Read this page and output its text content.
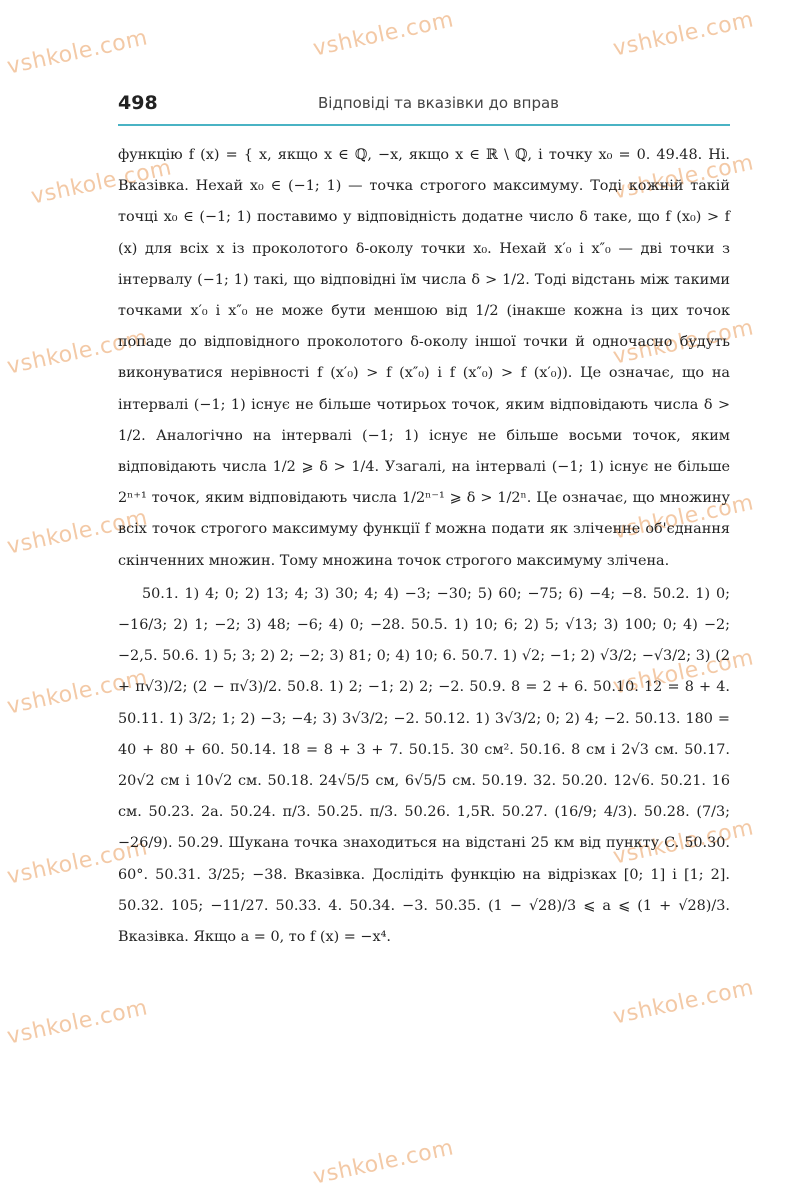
vshkole.com	vshkole.com	vshkole.com
vshkole.com	vshkole.com
vshkole.com	vshkole.com
vshkole.com	vshkole.com
vshkole.com	vshkole.com
vshkole.com	vshkole.com
vshkole.com	vshkole.com
vshkole.com
498	Відповіді та вказівки до вправ

функцію f (x) = { x, якщо x ∈ ℚ, −x, якщо x ∈ ℝ \ ℚ, і точку x₀ = 0. 49.48. Ні. Вказівка. Нехай x₀ ∈ (−1; 1) — точка строгого максимуму. Тоді кожній такій точці x₀ ∈ (−1; 1) поставимо у відповідність додатне число δ таке, що f (x₀) > f (x) для всіх x із проколотого δ-околу точки x₀. Нехай x′₀ і x″₀ — дві точки з інтервалу (−1; 1) такі, що відповідні їм числа δ > 1/2. Тоді відстань між такими точками x′₀ і x″₀ не може бути меншою від 1/2 (інакше кожна із цих точок попаде до відповідного проколотого δ-околу іншої точки й одночасно будуть виконуватися нерівності f (x′₀) > f (x″₀) і f (x″₀) > f (x′₀)). Це означає, що на інтервалі (−1; 1) існує не більше чотирьох точок, яким відповідають числа δ > 1/2. Аналогічно на інтервалі (−1; 1) існує не більше восьми точок, яким відповідають числа 1/2 ⩾ δ > 1/4. Узагалі, на інтервалі (−1; 1) існує не більше 2ⁿ⁺¹ точок, яким відповідають числа 1/2ⁿ⁻¹ ⩾ δ > 1/2ⁿ. Це означає, що множину всіх точок строгого максимуму функції f можна подати як зліченне об'єднання скінченних множин. Тому множина точок строгого максимуму злічена.

50.1. 1) 4; 0; 2) 13; 4; 3) 30; 4; 4) −3; −30; 5) 60; −75; 6) −4; −8. 50.2. 1) 0; −16/3; 2) 1; −2; 3) 48; −6; 4) 0; −28. 50.5. 1) 10; 6; 2) 5; √13; 3) 100; 0; 4) −2; −2,5. 50.6. 1) 5; 3; 2) 2; −2; 3) 81; 0; 4) 10; 6. 50.7. 1) √2; −1; 2) √3/2; −√3/2; 3) (2 + π√3)/2; (2 − π√3)/2. 50.8. 1) 2; −1; 2) 2; −2. 50.9. 8 = 2 + 6. 50.10. 12 = 8 + 4. 50.11. 1) 3/2; 1; 2) −3; −4; 3) 3√3/2; −2. 50.12. 1) 3√3/2; 0; 2) 4; −2. 50.13. 180 = 40 + 80 + 60. 50.14. 18 = 8 + 3 + 7. 50.15. 30 см². 50.16. 8 см і 2√3 см. 50.17. 20√2 см і 10√2 см. 50.18. 24√5/5 см, 6√5/5 см. 50.19. 32. 50.20. 12√6. 50.21. 16 см. 50.23. 2a. 50.24. π/3. 50.25. π/3. 50.26. 1,5R. 50.27. (16/9; 4/3). 50.28. (7/3; −26/9). 50.29. Шукана точка знаходиться на відстані 25 км від пункту C. 50.30. 60°. 50.31. 3/25; −38. Вказівка. Дослідіть функцію на відрізках [0; 1] і [1; 2]. 50.32. 105; −11/27. 50.33. 4. 50.34. −3. 50.35. (1 − √28)/3 ⩽ a ⩽ (1 + √28)/3. Вказівка. Якщо a = 0, то f (x) = −x⁴.
